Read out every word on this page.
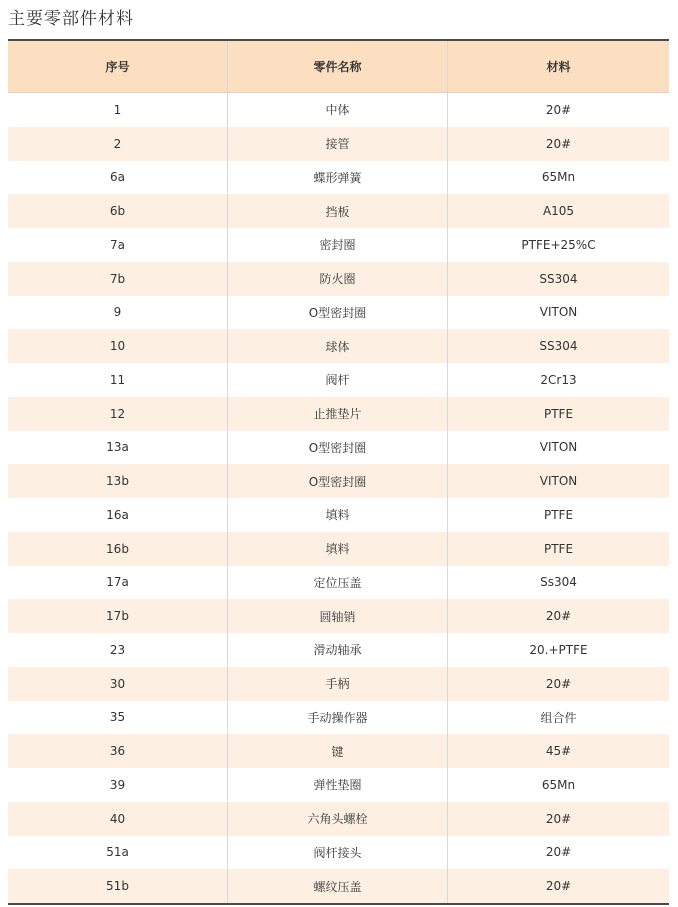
主要零部件材料
序号	零件名称	材料
1	中体	20#
2	接管	20#
6a	蝶形弹簧	65Mn
6b	挡板	A105
7a	密封圈	PTFE+25%C
7b	防火圈	SS304
9	O型密封圈	VITON
10	球体	SS304
11	阀杆	2Cr13
12	止推垫片	PTFE
13a	O型密封圈	VITON
13b	O型密封圈	VITON
16a	填料	PTFE
16b	填料	PTFE
17a	定位压盖	Ss304
17b	圆轴销	20#
23	滑动轴承	20.+PTFE
30	手柄	20#
35	手动操作器	组合件
36	键	45#
39	弹性垫圈	65Mn
40	六角头螺栓	20#
51a	阀杆接头	20#
51b	螺纹压盖	20#
